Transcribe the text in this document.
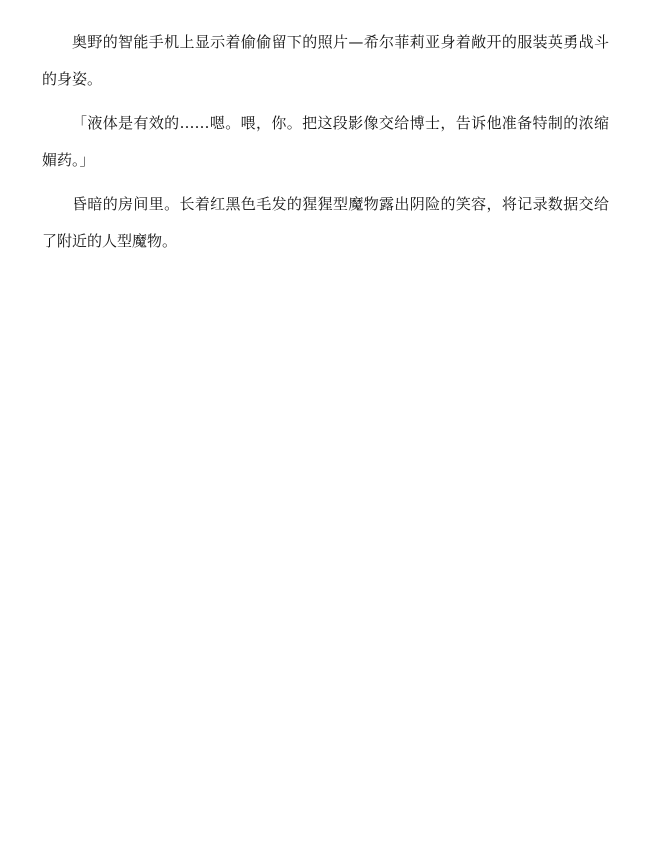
奥野的智能手机上显示着偷偷留下的照片—希尔菲莉亚身着敞开的服装英勇战斗的身姿。

「液体是有效的……嗯。喂，你。把这段影像交给博士，告诉他准备特制的浓缩媚药。」

昏暗的房间里。长着红黑色毛发的猩猩型魔物露出阴险的笑容，将记录数据交给了附近的人型魔物。
